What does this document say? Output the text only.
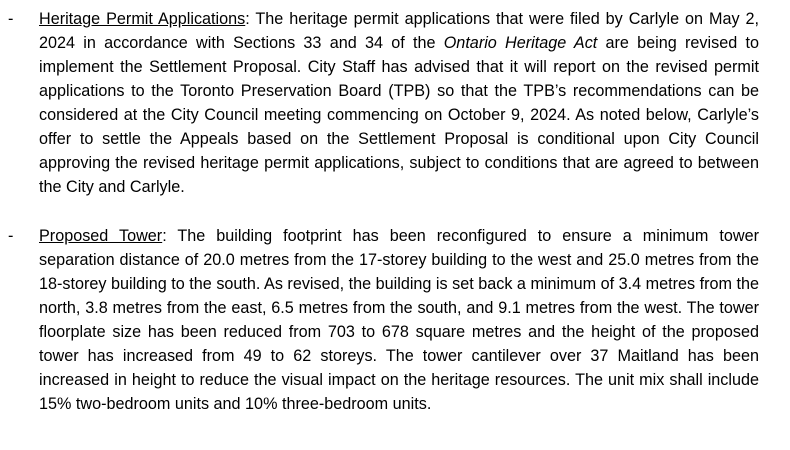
- Heritage Permit Applications: The heritage permit applications that were filed by Carlyle on May 2, 2024 in accordance with Sections 33 and 34 of the Ontario Heritage Act are being revised to implement the Settlement Proposal. City Staff has advised that it will report on the revised permit applications to the Toronto Preservation Board (TPB) so that the TPB’s recommendations can be considered at the City Council meeting commencing on October 9, 2024. As noted below, Carlyle’s offer to settle the Appeals based on the Settlement Proposal is conditional upon City Council approving the revised heritage permit applications, subject to conditions that are agreed to between the City and Carlyle.

- Proposed Tower: The building footprint has been reconfigured to ensure a minimum tower separation distance of 20.0 metres from the 17-storey building to the west and 25.0 metres from the 18-storey building to the south. As revised, the building is set back a minimum of 3.4 metres from the north, 3.8 metres from the east, 6.5 metres from the south, and 9.1 metres from the west. The tower floorplate size has been reduced from 703 to 678 square metres and the height of the proposed tower has increased from 49 to 62 storeys. The tower cantilever over 37 Maitland has been increased in height to reduce the visual impact on the heritage resources. The unit mix shall include 15% two-bedroom units and 10% three-bedroom units.
